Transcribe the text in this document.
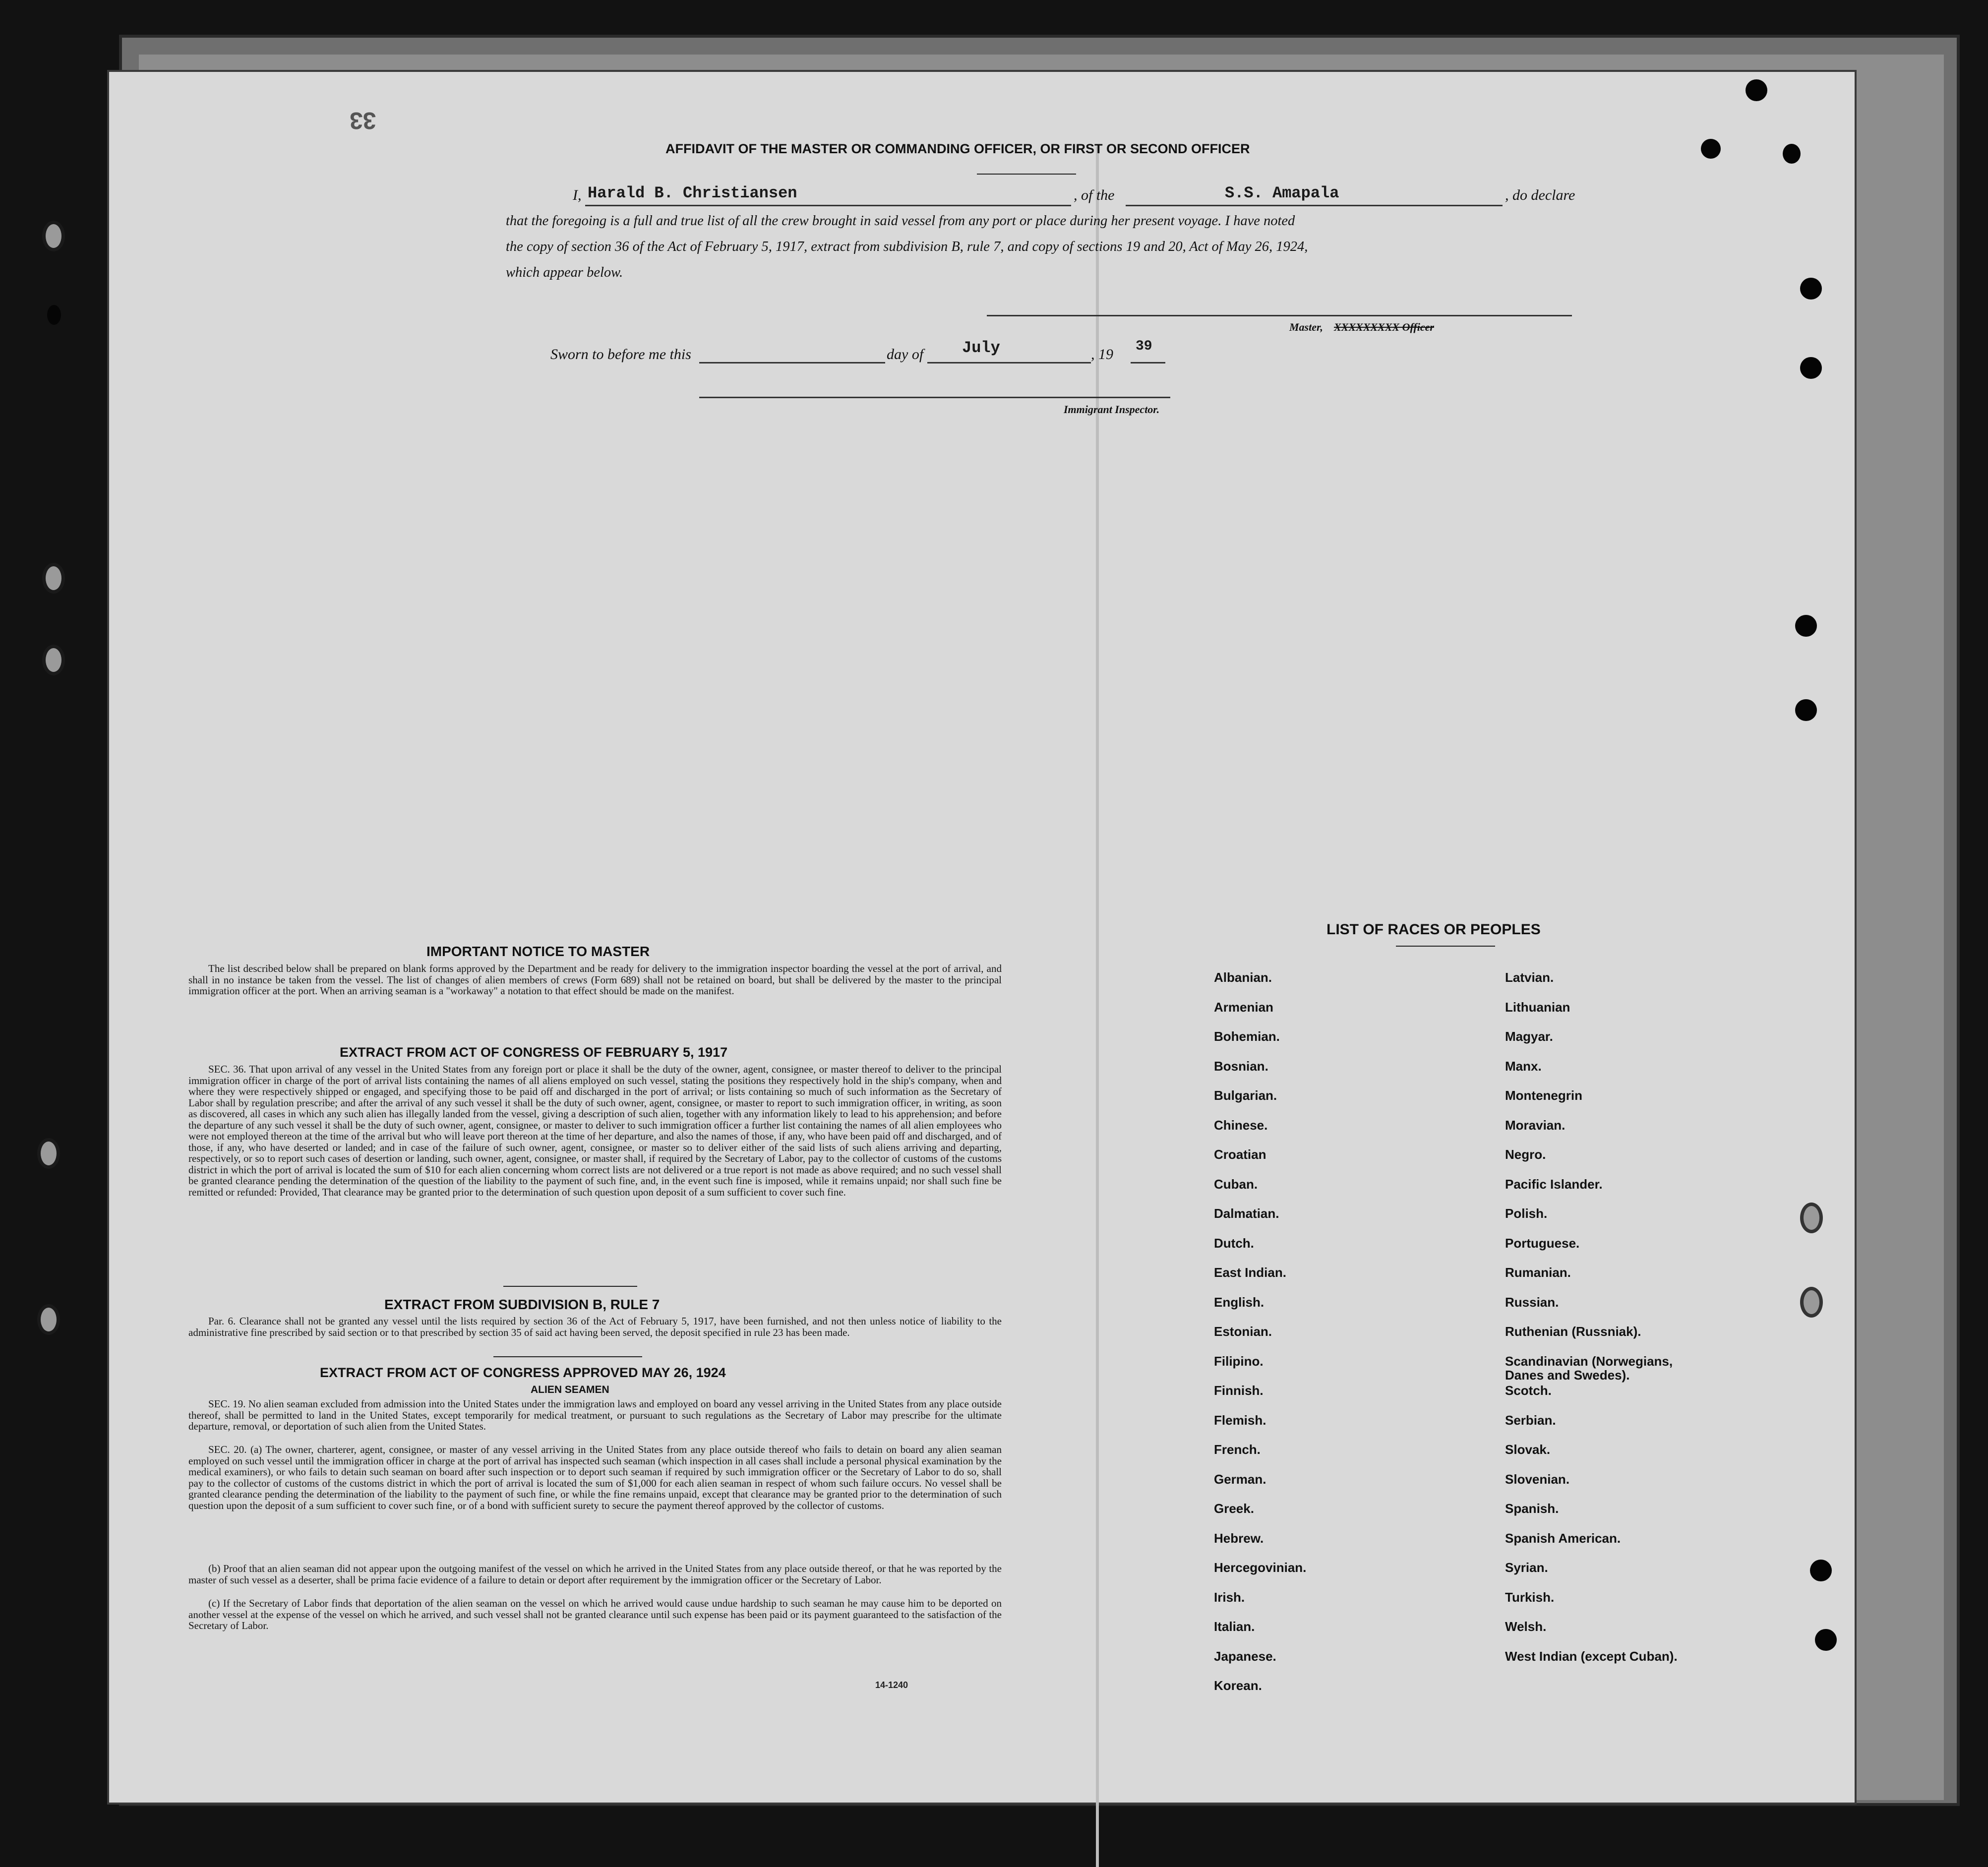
33
AFFIDAVIT OF THE MASTER OR COMMANDING OFFICER, OR FIRST OR SECOND OFFICER
I, Harald B. Christiansen	, of the	S.S. Amapala	, do declare
that the foregoing is a full and true list of all the crew brought in said vessel from any port or place during her present voyage. I have noted
the copy of section 36 of the Act of February 5, 1917, extract from subdivision B, rule 7, and copy of sections 19 and 20, Act of May 26, 1924,
which appear below.
Master, XXXXXXXXX Officer
Sworn to before me this	day of July	, 19 39
Immigrant Inspector.
IMPORTANT NOTICE TO MASTER

The list described below shall be prepared on blank forms approved by the Department and be ready for delivery to the immigration inspector boarding the vessel at the port of arrival, and shall in no instance be taken from the vessel. The list of changes of alien members of crews (Form 689) shall not be retained on board, but shall be delivered by the master to the principal immigration officer at the port. When an arriving seaman is a "workaway" a notation to that effect should be made on the manifest.

EXTRACT FROM ACT OF CONGRESS OF FEBRUARY 5, 1917

SEC. 36. That upon arrival of any vessel in the United States from any foreign port or place it shall be the duty of the owner, agent, consignee, or master thereof to deliver to the principal immigration officer in charge of the port of arrival lists containing the names of all aliens employed on such vessel, stating the positions they respectively hold in the ship's company, when and where they were respectively shipped or engaged, and specifying those to be paid off and discharged in the port of arrival; or lists containing so much of such information as the Secretary of Labor shall by regulation prescribe; and after the arrival of any such vessel it shall be the duty of such owner, agent, consignee, or master to report to such immigration officer, in writing, as soon as discovered, all cases in which any such alien has illegally landed from the vessel, giving a description of such alien, together with any information likely to lead to his apprehension; and before the departure of any such vessel it shall be the duty of such owner, agent, consignee, or master to deliver to such immigration officer a further list containing the names of all alien employees who were not employed thereon at the time of the arrival but who will leave port thereon at the time of her departure, and also the names of those, if any, who have been paid off and discharged, and of those, if any, who have deserted or landed; and in case of the failure of such owner, agent, consignee, or master so to deliver either of the said lists of such aliens arriving and departing, respectively, or so to report such cases of desertion or landing, such owner, agent, consignee, or master shall, if required by the Secretary of Labor, pay to the collector of customs of the customs district in which the port of arrival is located the sum of $10 for each alien concerning whom correct lists are not delivered or a true report is not made as above required; and no such vessel shall be granted clearance pending the determination of the question of the liability to the payment of such fine, and, in the event such fine is imposed, while it remains unpaid; nor shall such fine be remitted or refunded: Provided, That clearance may be granted prior to the determination of such question upon deposit of a sum sufficient to cover such fine.

EXTRACT FROM SUBDIVISION B, RULE 7

Par. 6. Clearance shall not be granted any vessel until the lists required by section 36 of the Act of February 5, 1917, have been furnished, and not then unless notice of liability to the administrative fine prescribed by said section or to that prescribed by section 35 of said act having been served, the deposit specified in rule 23 has been made.

EXTRACT FROM ACT OF CONGRESS APPROVED MAY 26, 1924
ALIEN SEAMEN

SEC. 19. No alien seaman excluded from admission into the United States under the immigration laws and employed on board any vessel arriving in the United States from any place outside thereof, shall be permitted to land in the United States, except temporarily for medical treatment, or pursuant to such regulations as the Secretary of Labor may prescribe for the ultimate departure, removal, or deportation of such alien from the United States.

SEC. 20. (a) The owner, charterer, agent, consignee, or master of any vessel arriving in the United States from any place outside thereof who fails to detain on board any alien seaman employed on such vessel until the immigration officer in charge at the port of arrival has inspected such seaman (which inspection in all cases shall include a personal physical examination by the medical examiners), or who fails to detain such seaman on board after such inspection or to deport such seaman if required by such immigration officer or the Secretary of Labor to do so, shall pay to the collector of customs of the customs district in which the port of arrival is located the sum of $1,000 for each alien seaman in respect of whom such failure occurs. No vessel shall be granted clearance pending the determination of the liability to the payment of such fine, or while the fine remains unpaid, except that clearance may be granted prior to the determination of such question upon the deposit of a sum sufficient to cover such fine, or of a bond with sufficient surety to secure the payment thereof approved by the collector of customs.

(b) Proof that an alien seaman did not appear upon the outgoing manifest of the vessel on which he arrived in the United States from any place outside thereof, or that he was reported by the master of such vessel as a deserter, shall be prima facie evidence of a failure to detain or deport after requirement by the immigration officer or the Secretary of Labor.

(c) If the Secretary of Labor finds that deportation of the alien seaman on the vessel on which he arrived would cause undue hardship to such seaman he may cause him to be deported on another vessel at the expense of the vessel on which he arrived, and such vessel shall not be granted clearance until such expense has been paid or its payment guaranteed to the satisfaction of the Secretary of Labor.

14-1240
LIST OF RACES OR PEOPLES
Albanian.
Armenian
Bohemian.
Bosnian.
Bulgarian.
Chinese.
Croatian
Cuban.
Dalmatian.
Dutch.
East Indian.
English.
Estonian.
Filipino.
Finnish.
Flemish.
French.
German.
Greek.
Hebrew.
Hercegovinian.
Irish.
Italian.
Japanese.
Korean.
Latvian.
Lithuanian
Magyar.
Manx.
Montenegrin
Moravian.
Negro.
Pacific Islander.
Polish.
Portuguese.
Rumanian.
Russian.
Ruthenian (Russniak).
Scandinavian (Norwegians,
Danes and Swedes).
Scotch.
Serbian.
Slovak.
Slovenian.
Spanish.
Spanish American.
Syrian.
Turkish.
Welsh.
West Indian (except Cuban).
